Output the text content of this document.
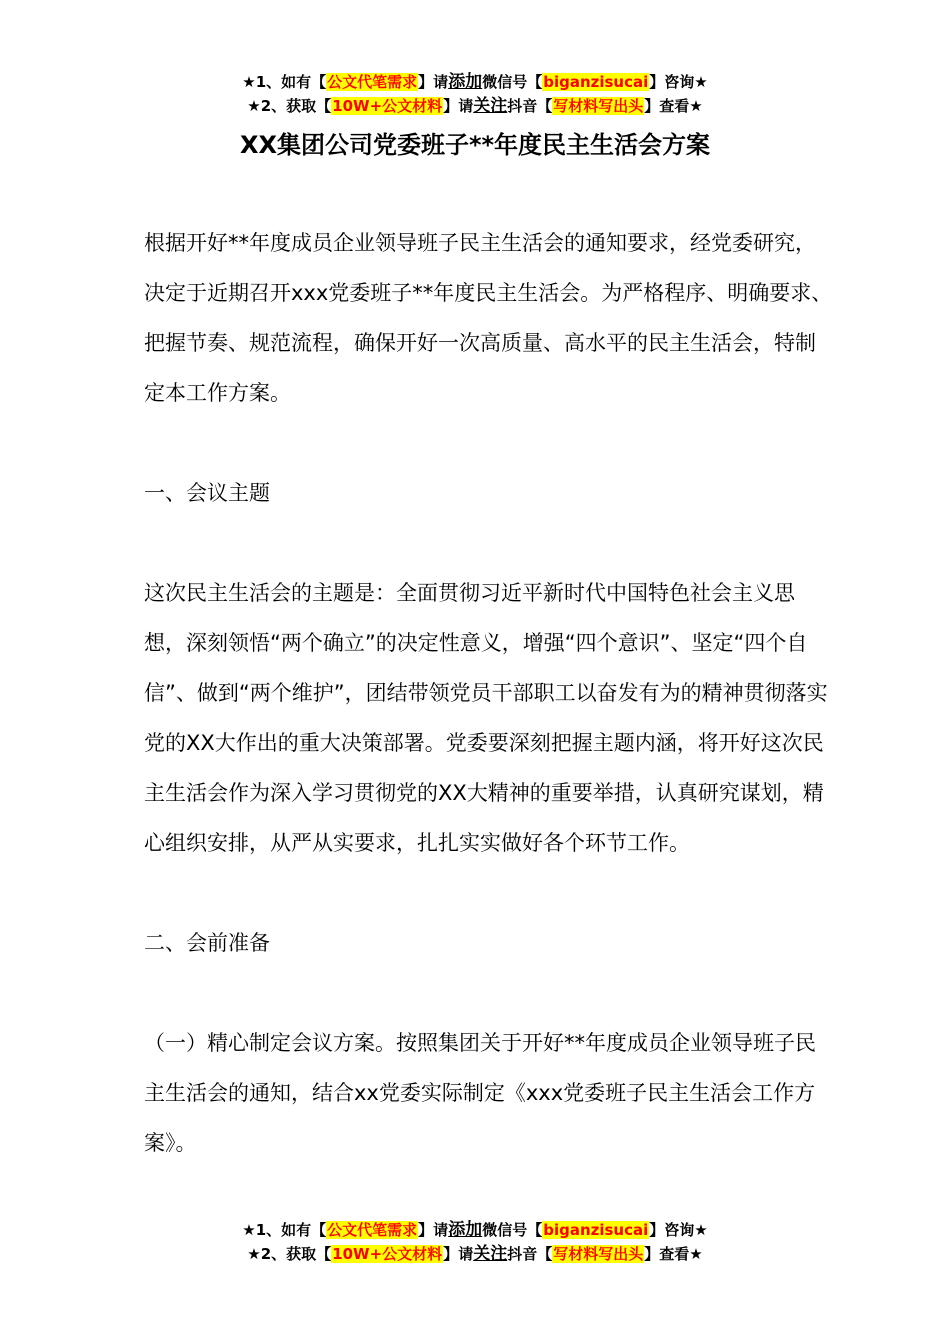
★1、如有【公文代笔需求】请添加微信号【biganzisucai】咨询★
★2、获取【10W+公文材料】请关注抖音【写材料写出头】查看★
XX集团公司党委班子**年度民主生活会方案

根据开好**年度成员企业领导班子民主生活会的通知要求，经党委研究，决定于近期召开xxx党委班子**年度民主生活会。为严格程序、明确要求、把握节奏、规范流程，确保开好一次高质量、高水平的民主生活会，特制定本工作方案。

一、会议主题

这次民主生活会的主题是：全面贯彻习近平新时代中国特色社会主义思想，深刻领悟“两个确立”的决定性意义，增强“四个意识”、坚定“四个自信”、做到“两个维护”，团结带领党员干部职工以奋发有为的精神贯彻落实党的XX大作出的重大决策部署。党委要深刻把握主题内涵，将开好这次民主生活会作为深入学习贯彻党的XX大精神的重要举措，认真研究谋划，精心组织安排，从严从实要求，扎扎实实做好各个环节工作。

二、会前准备

（一）精心制定会议方案。按照集团关于开好**年度成员企业领导班子民主生活会的通知，结合xx党委实际制定《xxx党委班子民主生活会工作方案》。

★1、如有【公文代笔需求】请添加微信号【biganzisucai】咨询★
★2、获取【10W+公文材料】请关注抖音【写材料写出头】查看★
